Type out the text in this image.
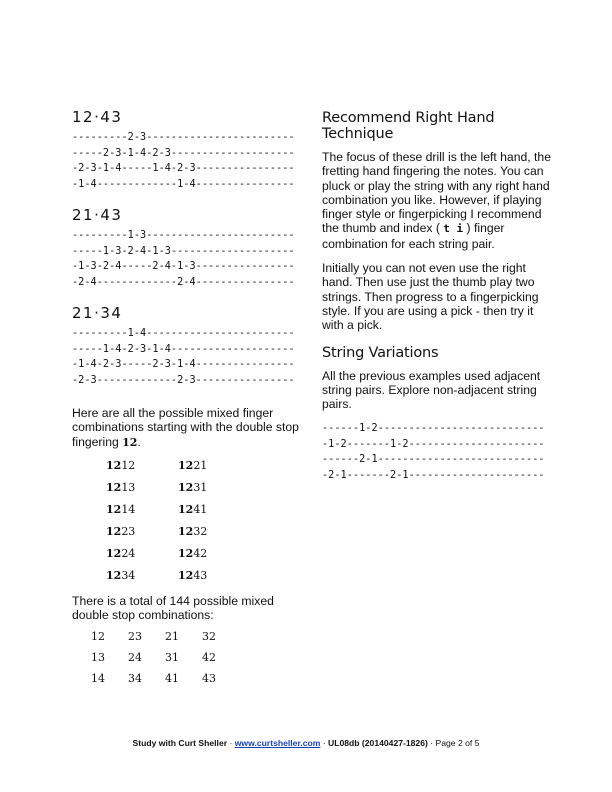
12·43
---------2-3------------------------
-----2-3-1-4-2-3--------------------
-2-3-1-4-----1-4-2-3----------------
-1-4-------------1-4----------------
21·43
---------1-3------------------------
-----1-3-2-4-1-3--------------------
-1-3-2-4-----2-4-1-3----------------
-2-4-------------2-4----------------
21·34
---------1-4------------------------
-----1-4-2-3-1-4--------------------
-1-4-2-3-----2-3-1-4----------------
-2-3-------------2-3----------------

Here are all the possible mixed finger combinations starting with the double stop fingering 12.

1212	1221
1213	1231
1214	1241
1223	1232
1224	1242
1234	1243

There is a total of 144 possible mixed double stop combinations:

12	23	21	32
13	24	31	42
14	34	41	43
Recommend Right Hand Technique

The focus of these drill is the left hand, the fretting hand fingering the notes. You can pluck or play the string with any right hand combination you like. However, if playing finger style or fingerpicking I recommend the thumb and index ( t i ) finger combination for each string pair.

Initially you can not even use the right hand. Then use just the thumb play two strings. Then progress to a fingerpicking style. If you are using a pick - then try it with a pick.

String Variations

All the previous examples used adjacent string pairs. Explore non-adjacent string pairs.

------1-2---------------------------
-1-2-------1-2----------------------
------2-1---------------------------
-2-1-------2-1----------------------
Study with Curt Sheller · www.curtsheller.com · UL08db (20140427-1826) · Page 2 of 5
